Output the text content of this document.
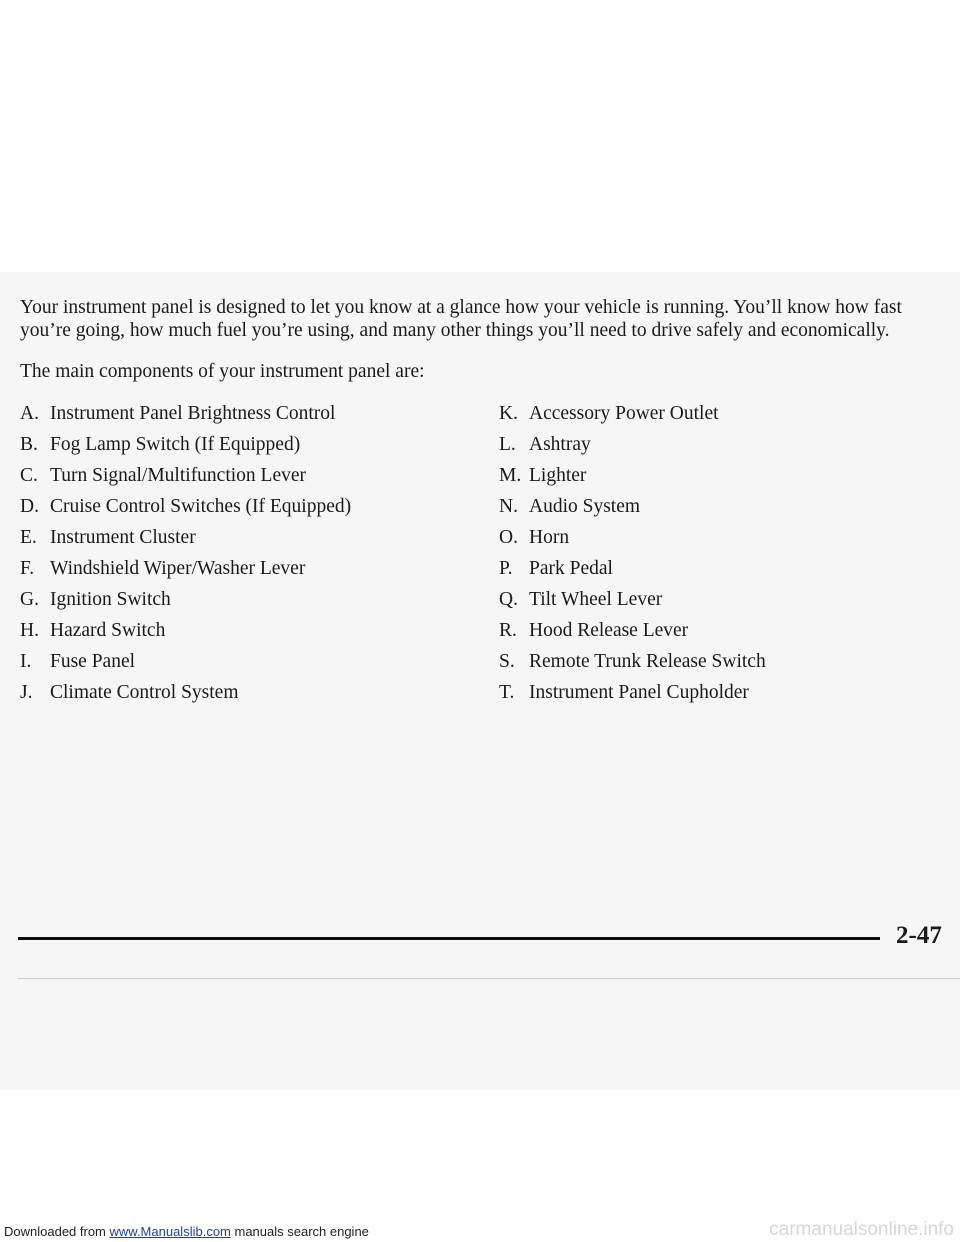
Your instrument panel is designed to let you know at a glance how your vehicle is running. You’ll know how fast you’re going, how much fuel you’re using, and many other things you’ll need to drive safely and economically.

The main components of your instrument panel are:

A. Instrument Panel Brightness Control
B. Fog Lamp Switch (If Equipped)
C. Turn Signal/Multifunction Lever
D. Cruise Control Switches (If Equipped)
E. Instrument Cluster
F. Windshield Wiper/Washer Lever
G. Ignition Switch
H. Hazard Switch
I. Fuse Panel
J. Climate Control System
K. Accessory Power Outlet
L. Ashtray
M. Lighter
N. Audio System
O. Horn
P. Park Pedal
Q. Tilt Wheel Lever
R. Hood Release Lever
S. Remote Trunk Release Switch
T. Instrument Panel Cupholder
2-47
Downloaded from www.Manualslib.com manuals search engine	carmanualsonline.info
